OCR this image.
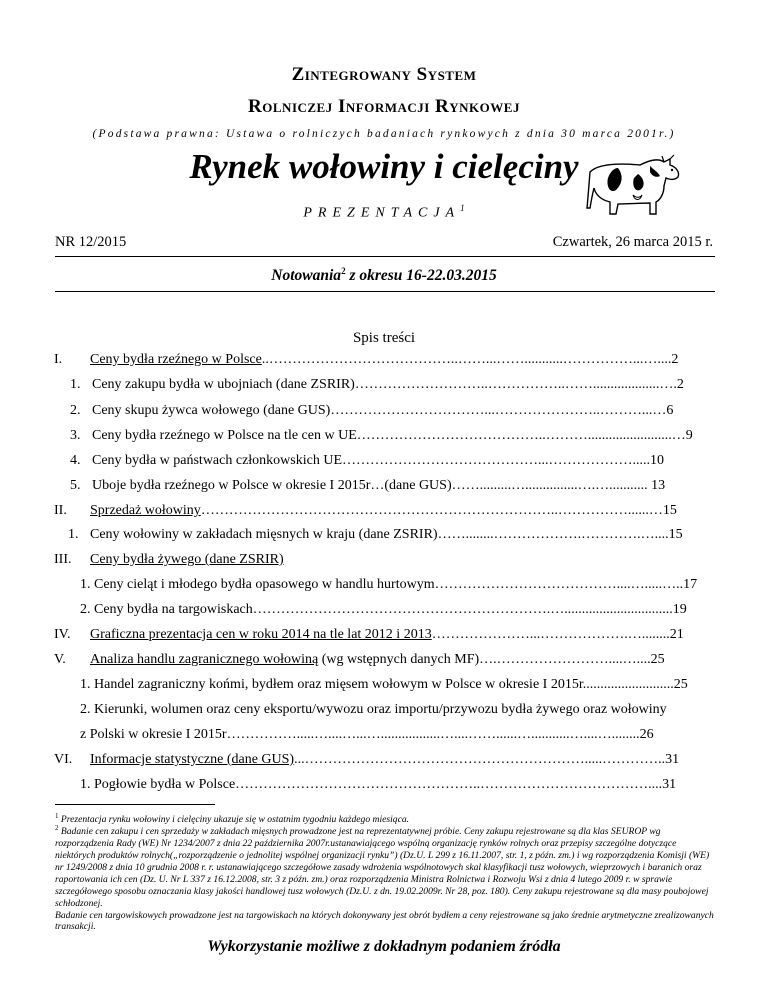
Zintegrowany System
Rolniczej Informacji Rynkowej
(Podstawa prawna: Ustawa o rolniczych badaniach rynkowych z dnia 30 marca 2001r.)
Rynek wołowiny i cielęciny
PREZENTACJA$^1$
NR 12/2015	Czwartek, 26 marca 2015 r.
Notowania$^2$ z okresu 16-22.03.2015
Spis treści
I. Ceny bydła rzeźnego w Polsce..…………………………………..……...……...........……………...…....2
1. Ceny zakupu bydła w ubojniach (dane ZSRIR)………………………..……………..……...................….2
2. Ceny skupu żywca wołowego (dane GUS)……………………………...…………………..………...…6
3. Ceny bydła rzeźnego w Polsce na tle cen w UE…………………………………..………........................…9
4. Ceny bydła w państwach członkowskich UE……………………………………...……………….....10
5. Uboje bydła rzeźnego w Polsce w okresie I 2015r…(dane GUS)…….........…...............….…........... 13
II. Sprzedaż wołowiny…………………………………………………………………..……………......…15
1. Ceny wołowiny w zakładach mięsnych w kraju (dane ZSRIR)……........……………….………….…....15
III. Ceny bydła żywego (dane ZSRIR)
1. Ceny cieląt i młodego bydła opasowego w handlu hurtowym…………………………………....….....…..17
2. Ceny bydła na targowiskach……………………………………………………….…...............................19
IV. Graficzna prezentacja cen w roku 2014 na tle lat 2012 i 2013…………………...……………….…........21
V. Analiza handlu zagranicznego wołowiną (wg wstępnych danych MF)….……………………....…....25
1. Handel zagraniczny końmi, bydłem oraz mięsem wołowym w Polsce w okresie I 2015r..........................25
2. Kierunki, wolumen oraz ceny eksportu/wywozu oraz importu/przywozu bydła żywego oraz wołowiny
z Polski w okresie I 2015r…………….....…....…...….................…....……......…...........…....…........26
VI. Informacje statystyczne (dane GUS)...…………………………………………………….....…………..31
1. Pogłowie bydła w Polsce……………………………………………..………………………………....31
$^1$ Prezentacja rynku wołowiny i cielęciny ukazuje się w ostatnim tygodniu każdego miesiąca.
$^2$ Badanie cen zakupu i cen sprzedaży w zakładach mięsnych prowadzone jest na reprezentatywnej próbie. Ceny zakupu rejestrowane są dla klas SEUROP wg rozporządzenia Rady (WE) Nr 1234/2007 z dnia 22 października 2007r.ustanawiającego wspólną organizację rynków rolnych oraz przepisy szczególne dotyczące niektórych produktów rolnych(„rozporządzenie o jednolitej wspólnej organizacji rynku”) (Dz.U. L 299 z 16.11.2007, str. 1, z późn. zm.) i wg rozporządzenia Komisji (WE) nr 1249/2008 z dnia 10 grudnia 2008 r. r. ustanawiającego szczegółowe zasady wdrożenia wspólnotowych skal klasyfikacji tusz wołowych, wieprzowych i baranich oraz raportowania ich cen (Dz. U. Nr L 337 z 16.12.2008, str. 3 z późn. zm.) oraz rozporządzenia Ministra Rolnictwa i Rozwoju Wsi z dnia 4 lutego 2009 r. w sprawie szczegółowego sposobu oznaczania klasy jakości handlowej tusz wołowych (Dz.U. z dn. 19.02.2009r. Nr 28, poz. 180). Ceny zakupu rejestrowane są dla masy poubojowej schłodzonej.
Badanie cen targowiskowych prowadzone jest na targowiskach na których dokonywany jest obrót bydłem a ceny rejestrowane są jako średnie arytmetyczne zrealizowanych transakcji.
Wykorzystanie możliwe z dokładnym podaniem źródła
